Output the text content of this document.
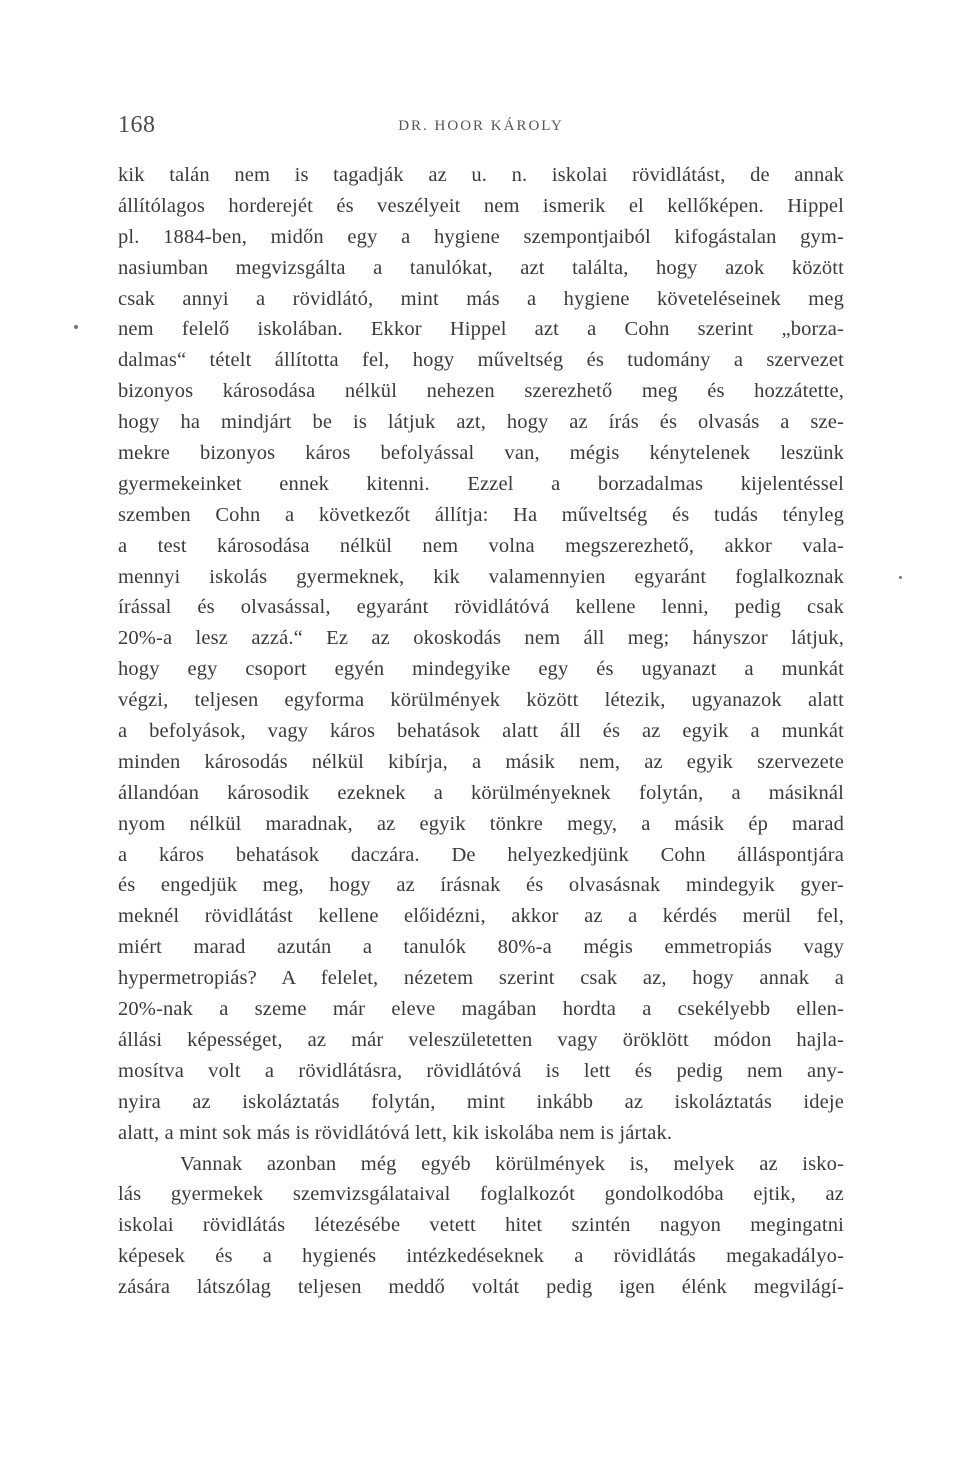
168	DR. HOOR KÁROLY
kik talán nem is tagadják az u. n. iskolai rövidlátást, de annak
állítólagos horderejét és veszélyeit nem ismerik el kellőképen. Hippel
pl. 1884-ben, midőn egy a hygiene szempontjaiból kifogástalan gym-
nasiumban megvizsgálta a tanulókat, azt találta, hogy azok között
csak annyi a rövidlátó, mint más a hygiene követeléseinek meg
nem felelő iskolában. Ekkor Hippel azt a Cohn szerint „borza-
dalmas“ tételt állította fel, hogy műveltség és tudomány a szervezet
bizonyos károsodása nélkül nehezen szerezhető meg és hozzátette,
hogy ha mindjárt be is látjuk azt, hogy az írás és olvasás a sze-
mekre bizonyos káros befolyással van, mégis kénytelenek leszünk
gyermekeinket ennek kitenni. Ezzel a borzadalmas kijelentéssel
szemben Cohn a következőt állítja: Ha műveltség és tudás tényleg
a test károsodása nélkül nem volna megszerezhető, akkor vala-
mennyi iskolás gyermeknek, kik valamennyien egyaránt foglalkoznak
írással és olvasással, egyaránt rövidlátóvá kellene lenni, pedig csak
20%-a lesz azzá.“ Ez az okoskodás nem áll meg; hányszor látjuk,
hogy egy csoport egyén mindegyike egy és ugyanazt a munkát
végzi, teljesen egyforma körülmények között létezik, ugyanazok alatt
a befolyások, vagy káros behatások alatt áll és az egyik a munkát
minden károsodás nélkül kibírja, a másik nem, az egyik szervezete
állandóan károsodik ezeknek a körülményeknek folytán, a másiknál
nyom nélkül maradnak, az egyik tönkre megy, a másik ép marad
a káros behatások daczára. De helyezkedjünk Cohn álláspontjára
és engedjük meg, hogy az írásnak és olvasásnak mindegyik gyer-
meknél rövidlátást kellene előidézni, akkor az a kérdés merül fel,
miért marad azután a tanulók 80%-a mégis emmetropiás vagy
hypermetropiás? A felelet, nézetem szerint csak az, hogy annak a
20%-nak a szeme már eleve magában hordta a csekélyebb ellen-
állási képességet, az már veleszületetten vagy öröklött módon hajla-
mosítva volt a rövidlátásra, rövidlátóvá is lett és pedig nem any-
nyira az iskoláztatás folytán, mint inkább az iskoláztatás ideje
alatt, a mint sok más is rövidlátóvá lett, kik iskolába nem is jártak.
Vannak azonban még egyéb körülmények is, melyek az isko-
lás gyermekek szemvizsgálataival foglalkozót gondolkodóba ejtik, az
iskolai rövidlátás létezésébe vetett hitet szintén nagyon megingatni
képesek és a hygienés intézkedéseknek a rövidlátás megakadályo-
zására látszólag teljesen meddő voltát pedig igen élénk megvilágí-
